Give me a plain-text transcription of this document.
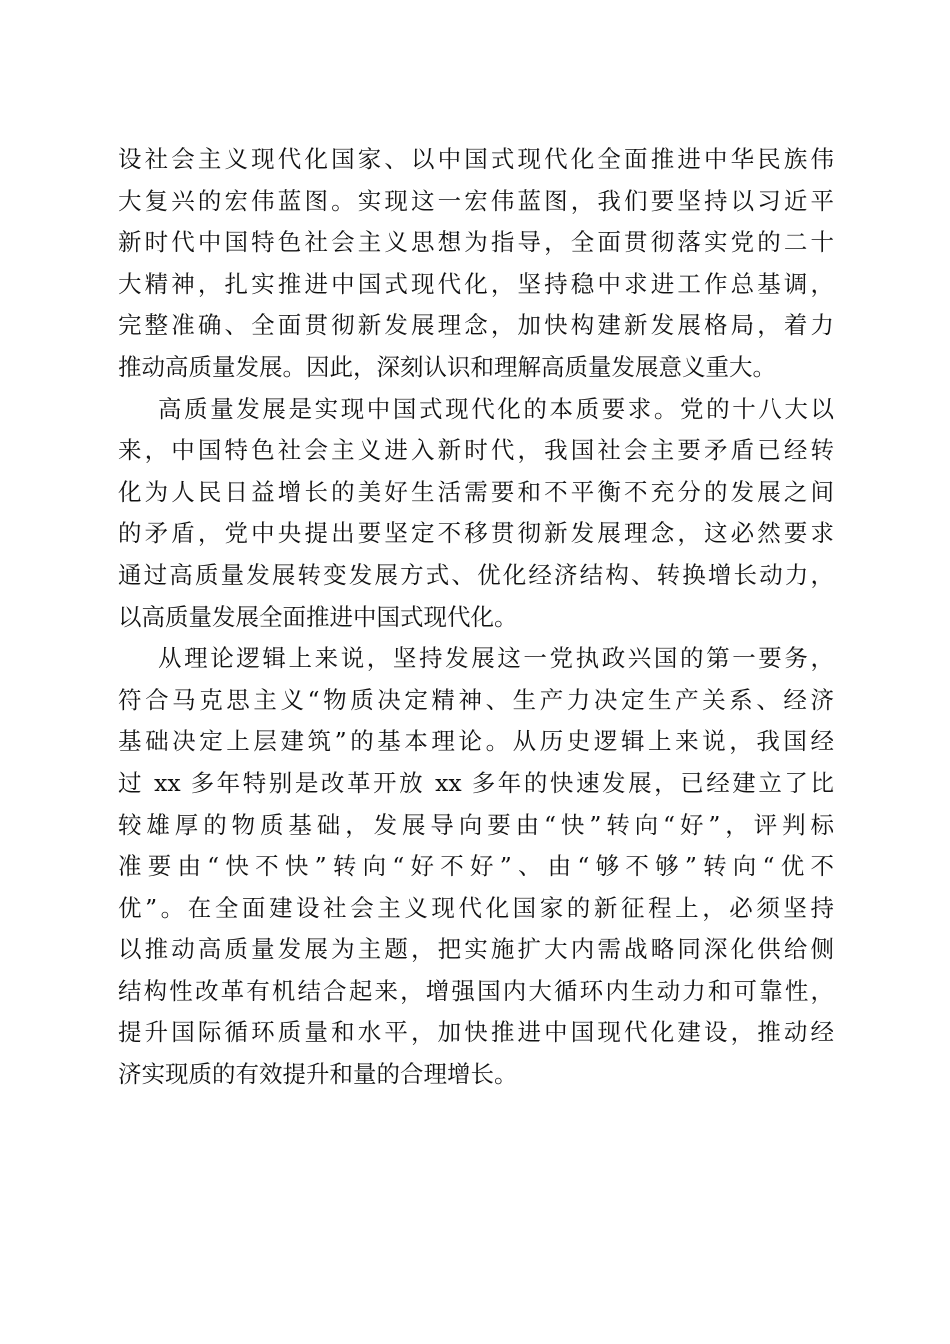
设社会主义现代化国家、以中国式现代化全面推进中华民族伟
大复兴的宏伟蓝图。实现这一宏伟蓝图，我们要坚持以习近平
新时代中国特色社会主义思想为指导，全面贯彻落实党的二十
大精神，扎实推进中国式现代化，坚持稳中求进工作总基调，
完整准确、全面贯彻新发展理念，加快构建新发展格局，着力
推动高质量发展。因此，深刻认识和理解高质量发展意义重大。
高质量发展是实现中国式现代化的本质要求。党的十八大以
来，中国特色社会主义进入新时代，我国社会主要矛盾已经转
化为人民日益增长的美好生活需要和不平衡不充分的发展之间
的矛盾，党中央提出要坚定不移贯彻新发展理念，这必然要求
通过高质量发展转变发展方式、优化经济结构、转换增长动力，
以高质量发展全面推进中国式现代化。
从理论逻辑上来说，坚持发展这一党执政兴国的第一要务，
符合马克思主义“物质决定精神、生产力决定生产关系、经济
基础决定上层建筑”的基本理论。从历史逻辑上来说，我国经
过 xx 多年特别是改革开放 xx 多年的快速发展，已经建立了比
较雄厚的物质基础，发展导向要由“快”转向“好”，评判标
准要由“快不快”转向“好不好”、由“够不够”转向“优不
优”。在全面建设社会主义现代化国家的新征程上，必须坚持
以推动高质量发展为主题，把实施扩大内需战略同深化供给侧
结构性改革有机结合起来，增强国内大循环内生动力和可靠性，
提升国际循环质量和水平，加快推进中国现代化建设，推动经
济实现质的有效提升和量的合理增长。
